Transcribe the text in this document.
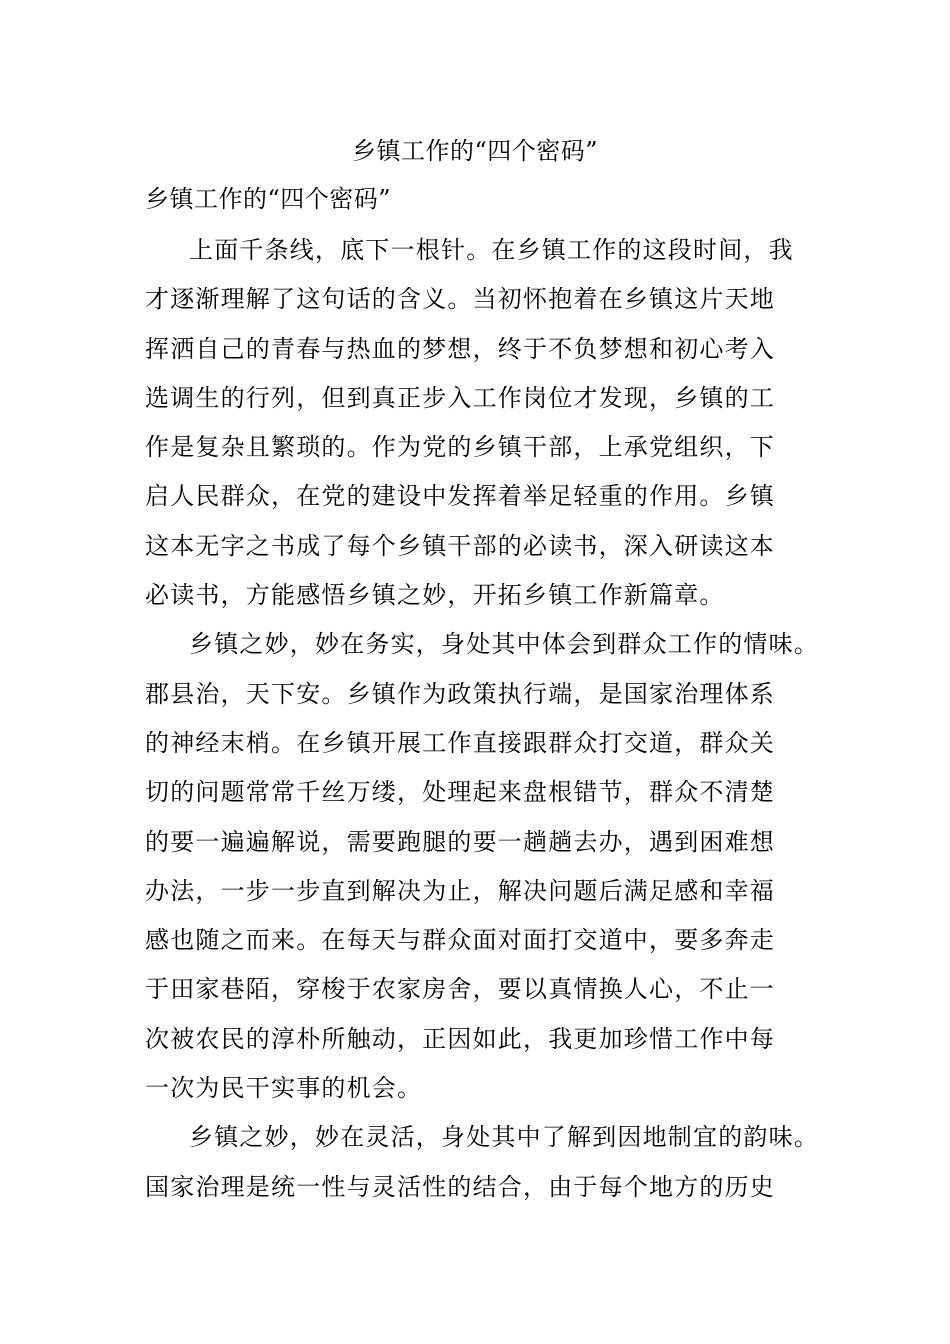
乡镇工作的“四个密码”
乡镇工作的“四个密码”
上面千条线，底下一根针。在乡镇工作的这段时间，我
才逐渐理解了这句话的含义。当初怀抱着在乡镇这片天地
挥洒自己的青春与热血的梦想，终于不负梦想和初心考入
选调生的行列，但到真正步入工作岗位才发现，乡镇的工
作是复杂且繁琐的。作为党的乡镇干部，上承党组织，下
启人民群众，在党的建设中发挥着举足轻重的作用。乡镇
这本无字之书成了每个乡镇干部的必读书，深入研读这本
必读书，方能感悟乡镇之妙，开拓乡镇工作新篇章。
乡镇之妙，妙在务实，身处其中体会到群众工作的情味。
郡县治，天下安。乡镇作为政策执行端，是国家治理体系
的神经末梢。在乡镇开展工作直接跟群众打交道，群众关
切的问题常常千丝万缕，处理起来盘根错节，群众不清楚
的要一遍遍解说，需要跑腿的要一趟趟去办，遇到困难想
办法，一步一步直到解决为止，解决问题后满足感和幸福
感也随之而来。在每天与群众面对面打交道中，要多奔走
于田家巷陌，穿梭于农家房舍，要以真情换人心，不止一
次被农民的淳朴所触动，正因如此，我更加珍惜工作中每
一次为民干实事的机会。
乡镇之妙，妙在灵活，身处其中了解到因地制宜的韵味。
国家治理是统一性与灵活性的结合，由于每个地方的历史
